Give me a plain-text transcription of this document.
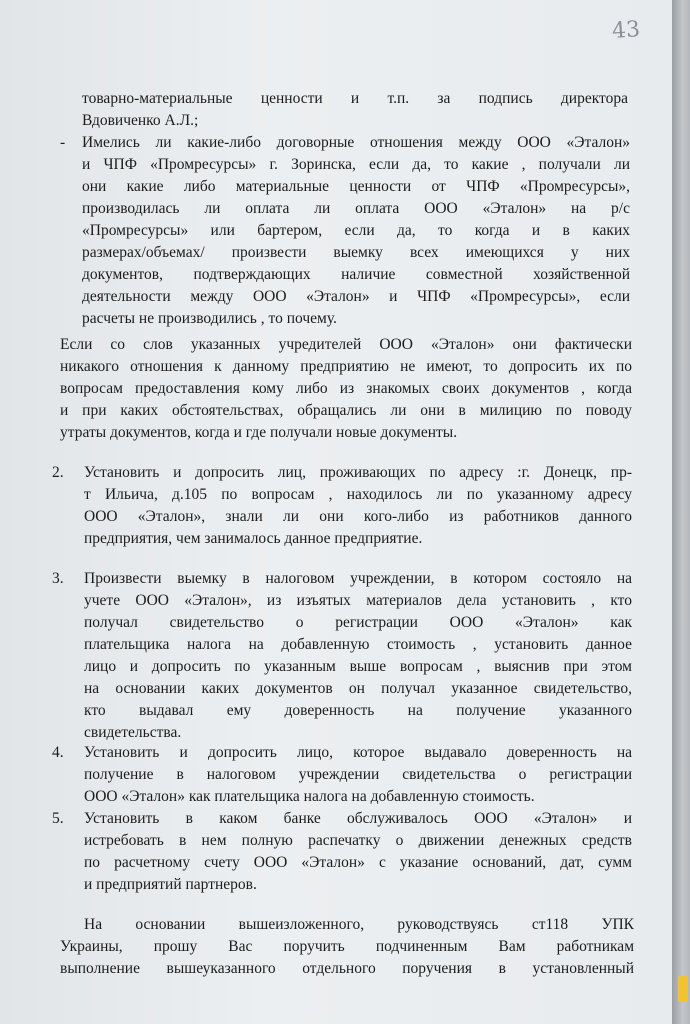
43
товарно-материальные ценности и т.п. за подпись директора
Вдовиченко А.Л.;
- Имелись ли какие-либо договорные отношения между ООО «Эталон»
и ЧПФ «Промресурсы» г. Зоринска, если да, то какие , получали ли
они какие либо материальные ценности от ЧПФ «Промресурсы»,
производилась ли оплата ли оплата ООО «Эталон» на р/с
«Промресурсы» или бартером, если да, то когда и в каких
размерах/объемах/ произвести выемку всех имеющихся у них
документов, подтверждающих наличие совместной хозяйственной
деятельности между ООО «Эталон» и ЧПФ «Промресурсы», если
расчеты не производились , то почему.
Если со слов указанных учредителей ООО «Эталон» они фактически
никакого отношения к данному предприятию не имеют, то допросить их по
вопросам предоставления кому либо из знакомых своих документов , когда
и при каких обстоятельствах, обращались ли они в милицию по поводу
утраты документов, когда и где получали новые документы.
2. Установить и допросить лиц, проживающих по адресу :г. Донецк, пр-
т Ильича, д.105 по вопросам , находилось ли по указанному адресу
ООО «Эталон», знали ли они кого-либо из работников данного
предприятия, чем занималось данное предприятие.
3. Произвести выемку в налоговом учреждении, в котором состояло на
учете ООО «Эталон», из изъятых материалов дела установить , кто
получал свидетельство о регистрации ООО «Эталон» как
плательщика налога на добавленную стоимость , установить данное
лицо и допросить по указанным выше вопросам , выяснив при этом
на основании каких документов он получал указанное свидетельство,
кто выдавал ему доверенность на получение указанного
свидетельства.
4. Установить и допросить лицо, которое выдавало доверенность на
получение в налоговом учреждении свидетельства о регистрации
ООО «Эталон» как плательщика налога на добавленную стоимость.
5. Установить в каком банке обслуживалось ООО «Эталон» и
истребовать в нем полную распечатку о движении денежных средств
по расчетному счету ООО «Эталон» с указание оснований, дат, сумм
и предприятий партнеров.
На основании вышеизложенного, руководствуясь ст118 УПК
Украины, прошу Вас поручить подчиненным Вам работникам
выполнение вышеуказанного отдельного поручения в установленный
